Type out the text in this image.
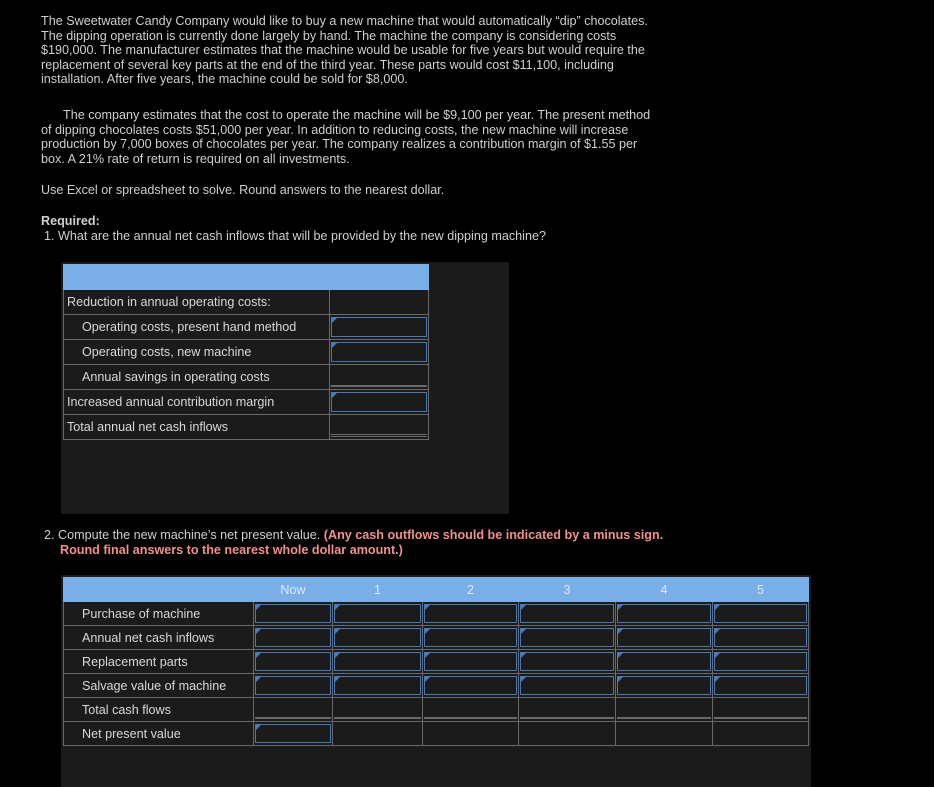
The Sweetwater Candy Company would like to buy a new machine that would automatically “dip” chocolates. The dipping operation is currently done largely by hand. The machine the company is considering costs $190,000. The manufacturer estimates that the machine would be usable for five years but would require the replacement of several key parts at the end of the third year. These parts would cost $11,100, including installation. After five years, the machine could be sold for $8,000.

The company estimates that the cost to operate the machine will be $9,100 per year. The present method of dipping chocolates costs $51,000 per year. In addition to reducing costs, the new machine will increase production by 7,000 boxes of chocolates per year. The company realizes a contribution margin of $1.55 per box. A 21% rate of return is required on all investments.

Use Excel or spreadsheet to solve. Round answers to the nearest dollar.

Required:

1. What are the annual net cash inflows that will be provided by the new dipping machine?

Reduction in annual operating costs:	
Operating costs, present hand method	

Operating costs, new machine	

Annual savings in operating costs	

Increased annual contribution margin	

Total annual net cash inflows	

2. Compute the new machine’s net present value. (Any cash outflows should be indicated by a minus sign. Round final answers to the nearest whole dollar amount.)

	Now	1	2	3	4	5
Purchase of machine	

Annual net cash inflows	

Replacement parts	

Salvage value of machine	

Total cash flows	

Net present value	
